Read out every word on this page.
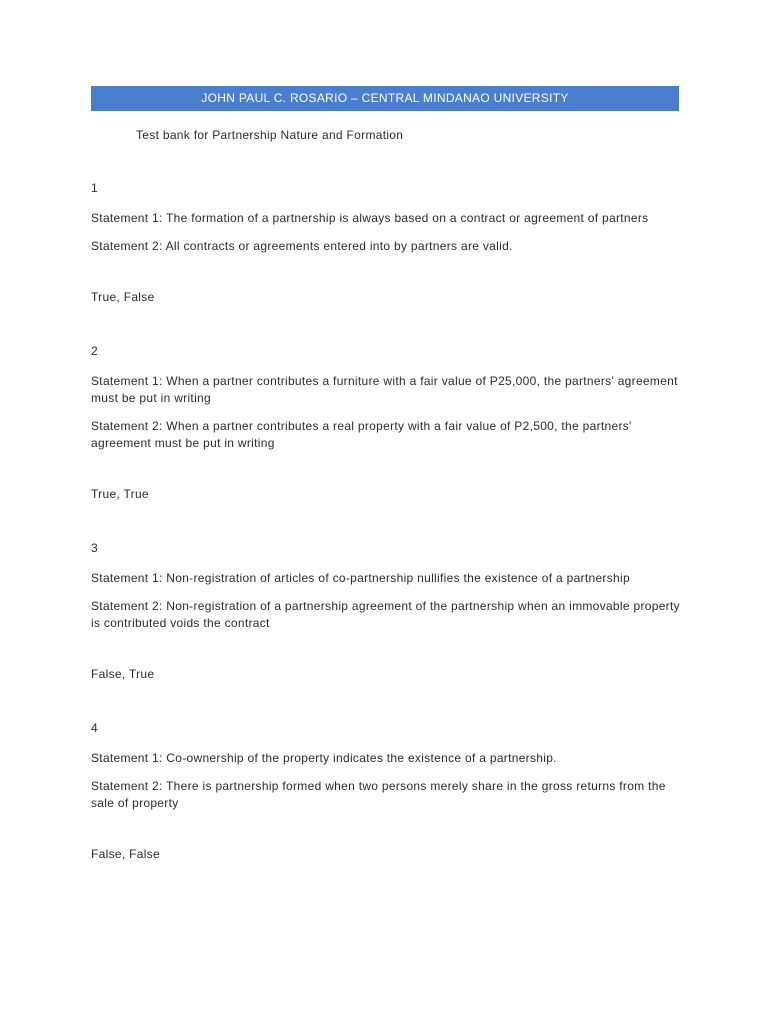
JOHN PAUL C. ROSARIO – CENTRAL MINDANAO UNIVERSITY
Test bank for Partnership Nature and Formation
1
Statement 1: The formation of a partnership is always based on a contract or agreement of partners
Statement 2: All contracts or agreements entered into by partners are valid.
True, False
2
Statement 1: When a partner contributes a furniture with a fair value of P25,000, the partners' agreement must be put in writing
Statement 2: When a partner contributes a real property with a fair value of P2,500, the partners' agreement must be put in writing
True, True
3
Statement 1: Non-registration of articles of co-partnership nullifies the existence of a partnership
Statement 2: Non-registration of a partnership agreement of the partnership when an immovable property is contributed voids the contract
False, True
4
Statement 1: Co-ownership of the property indicates the existence of a partnership.
Statement 2: There is partnership formed when two persons merely share in the gross returns from the sale of property
False, False
